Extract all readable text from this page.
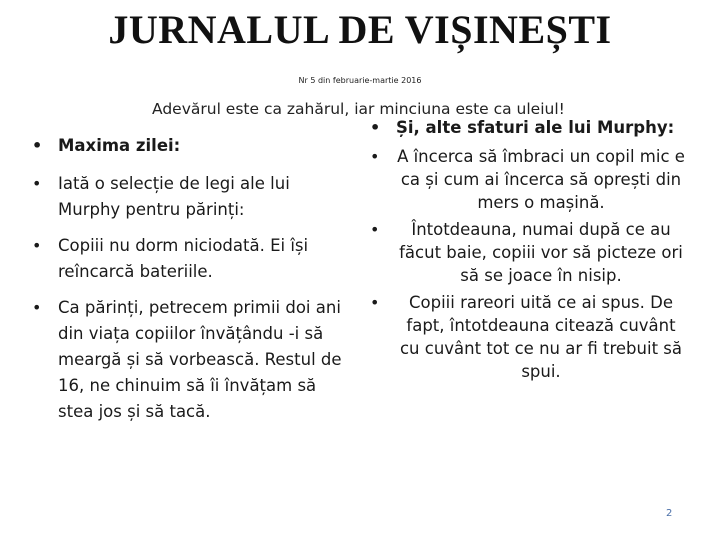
JURNALUL DE VIȘINEȘTI
Nr 5 din februarie-martie 2016
Adevărul este ca zahărul, iar minciuna este ca uleiul!
• Maxima zilei:
• Iată o selecție de legi ale lui Murphy pentru părinți:
• Copiii nu dorm niciodată. Ei își reîncarcă bateriile.
• Ca părinți, petrecem primii doi ani din viața copiilor învățându -i să meargă și să vorbească. Restul de 16, ne chinuim să îi învățam să stea jos și să tacă.
• Și, alte sfaturi ale lui Murphy:
• A încerca să îmbraci un copil mic e ca și cum ai încerca să oprești din mers o mașină.
• Întotdeauna, numai după ce au făcut baie, copiii vor să picteze ori să se joace în nisip.
• Copiii rareori uită ce ai spus. De fapt, întotdeauna citează cuvânt cu cuvânt tot ce nu ar fi trebuit să spui.
2
